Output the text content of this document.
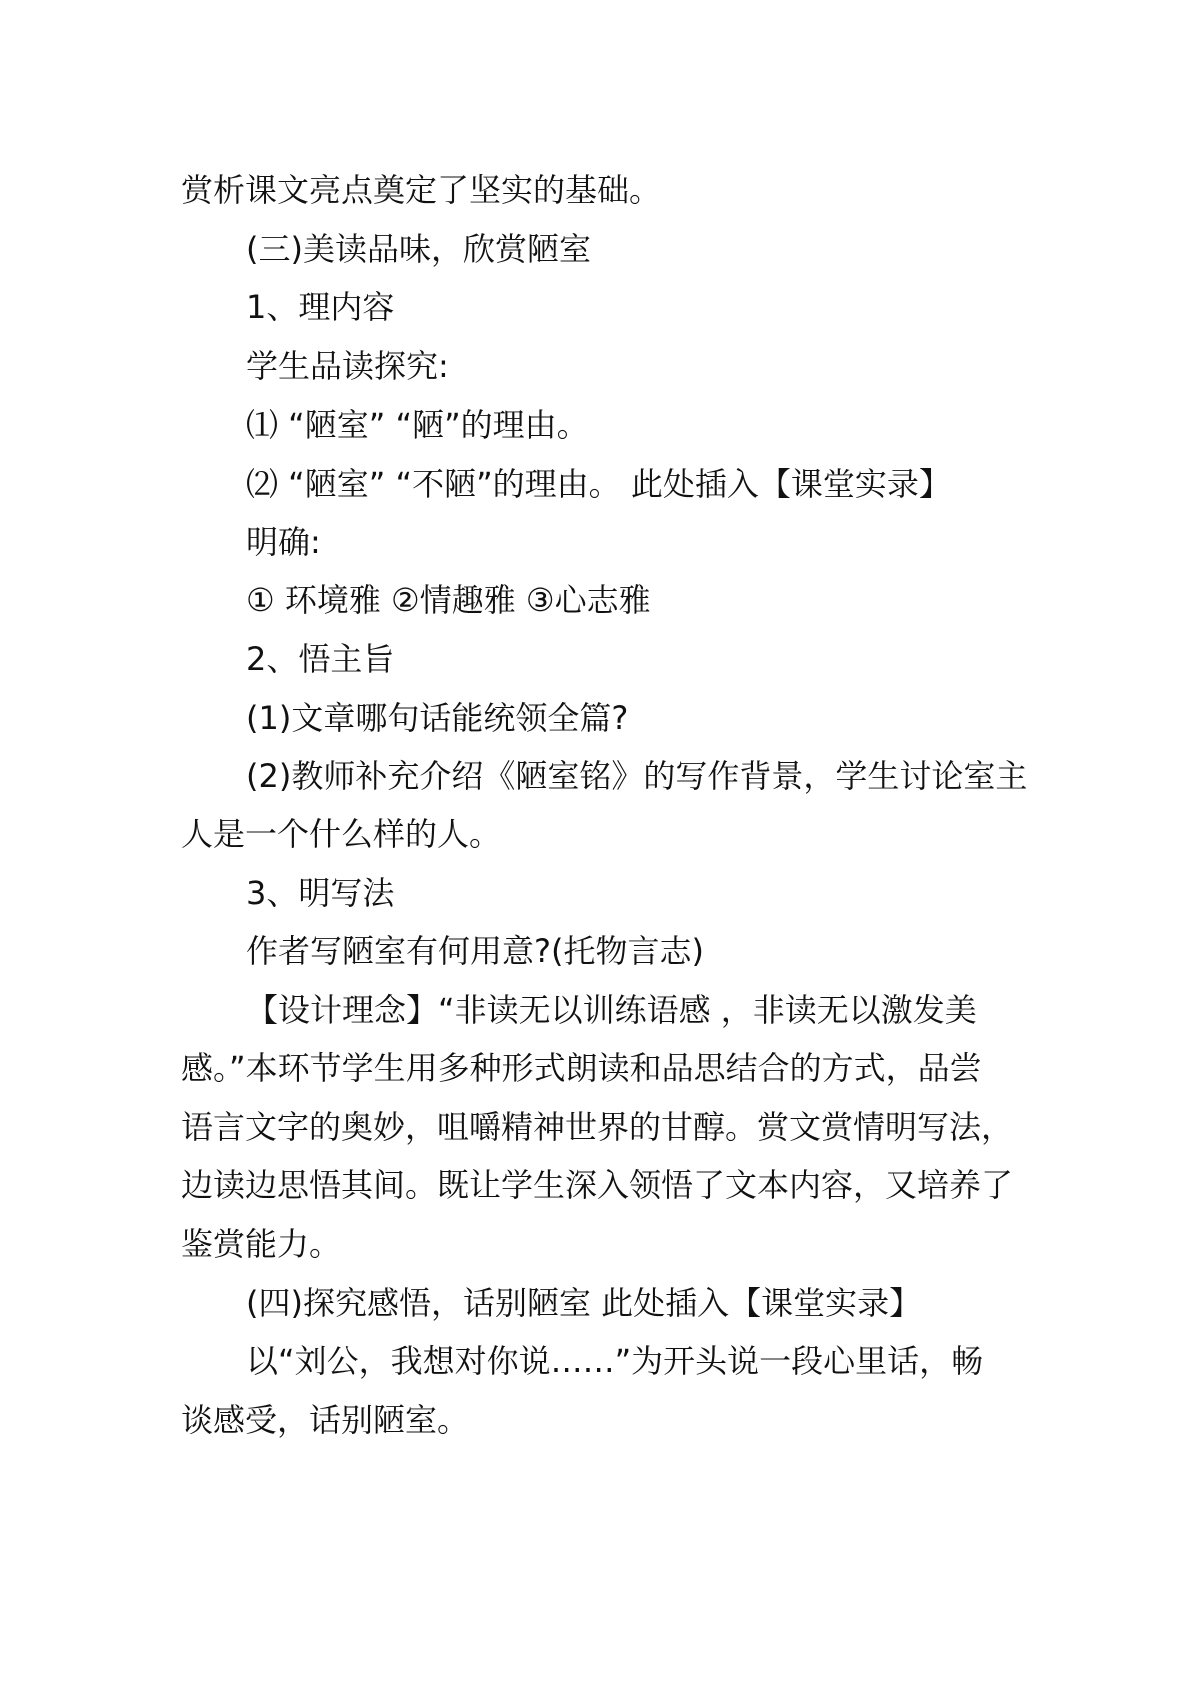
赏析课文亮点奠定了坚实的基础。
(三)美读品味，欣赏陋室
1、理内容
学生品读探究:
⑴ “陋室” “陋”的理由。
⑵ “陋室” “不陋”的理由。 此处插入【课堂实录】
明确:
① 环境雅 ②情趣雅 ③心志雅
2、悟主旨
(1)文章哪句话能统领全篇?
(2)教师补充介绍《陋室铭》的写作背景，学生讨论室主
人是一个什么样的人。
3、明写法
作者写陋室有何用意?(托物言志)
【设计理念】“非读无以训练语感 ，非读无以激发美
感。”本环节学生用多种形式朗读和品思结合的方式，品尝
语言文字的奥妙，咀嚼精神世界的甘醇。赏文赏情明写法，
边读边思悟其间。既让学生深入领悟了文本内容，又培养了
鉴赏能力。
(四)探究感悟，话别陋室 此处插入【课堂实录】
以“刘公，我想对你说……”为开头说一段心里话，畅
谈感受，话别陋室。
